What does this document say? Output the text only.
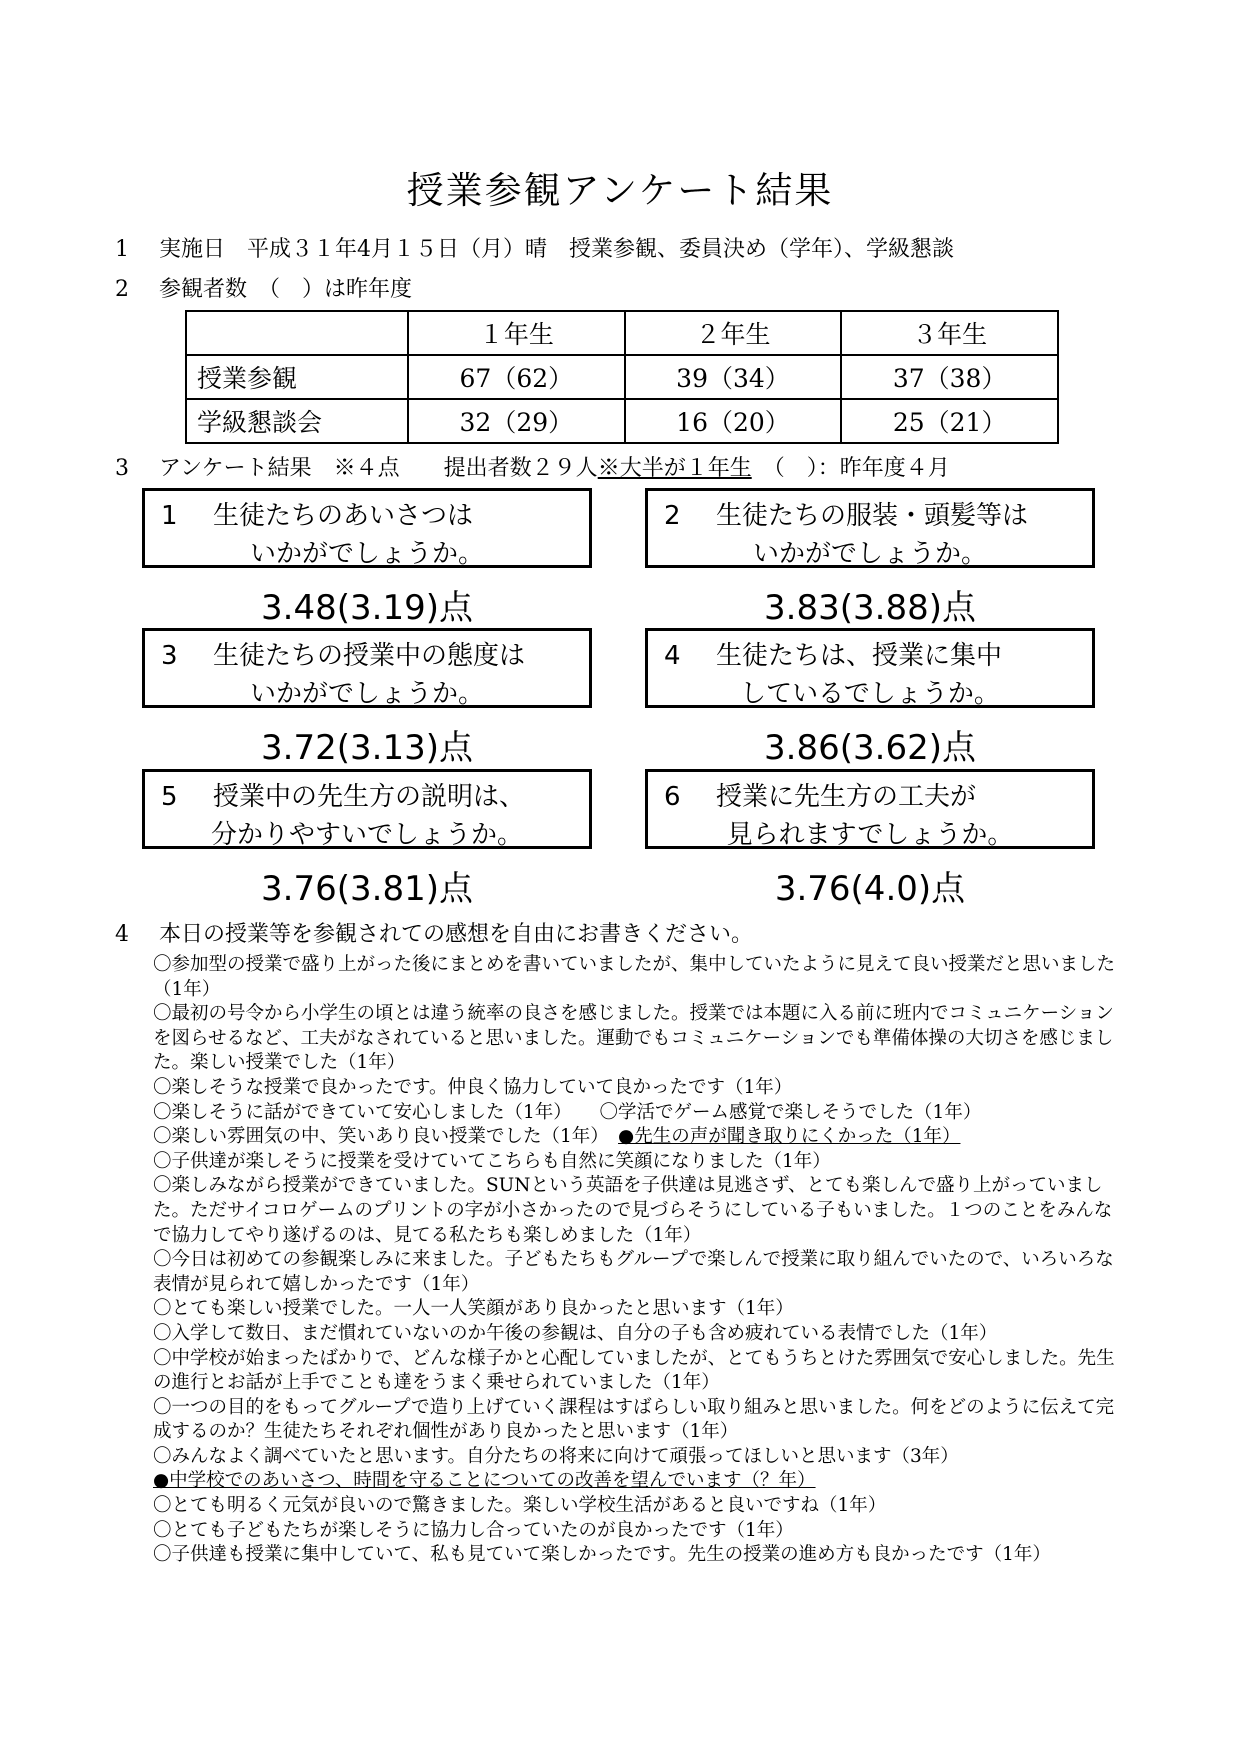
授業参観アンケート結果
1 実施日　平成３１年4月１５日（月）晴　授業参観、委員決め（学年）、学級懇談
2 参観者数　（　）は昨年度
	１年生	２年生	３年生
授業参観	67（62）	39（34）	37（38）
学級懇談会	32（29）	16（20）	25（21）
3 アンケート結果　※４点　　提出者数２９人※大半が１年生　（　）：昨年度４月
1 生徒たちのあいさつは
いかがでしょうか。
3.48(3.19)点
2 生徒たちの服装・頭髪等は
いかがでしょうか。
3.83(3.88)点
3 生徒たちの授業中の態度は
いかがでしょうか。
3.72(3.13)点
4 生徒たちは、授業に集中
しているでしょうか。
3.86(3.62)点
5 授業中の先生方の説明は、
分かりやすいでしょうか。
3.76(3.81)点
6 授業に先生方の工夫が
見られますでしょうか。
3.76(4.0)点
4 本日の授業等を参観されての感想を自由にお書きください。

〇参加型の授業で盛り上がった後にまとめを書いていましたが、集中していたように見えて良い授業だと思いました（1年）

〇最初の号令から小学生の頃とは違う統率の良さを感じました。授業では本題に入る前に班内でコミュニケーションを図らせるなど、工夫がなされていると思いました。運動でもコミュニケーションでも準備体操の大切さを感じました。楽しい授業でした（1年）

〇楽しそうな授業で良かったです。仲良く協力していて良かったです（1年）

〇楽しそうに話ができていて安心しました（1年）　　 〇学活でゲーム感覚で楽しそうでした（1年）

〇楽しい雰囲気の中、笑いあり良い授業でした（1年）　 ●先生の声が聞き取りにくかった（1年）

〇子供達が楽しそうに授業を受けていてこちらも自然に笑顔になりました（1年）

〇楽しみながら授業ができていました。SUNという英語を子供達は見逃さず、とても楽しんで盛り上がっていました。ただサイコロゲームのプリントの字が小さかったので見づらそうにしている子もいました。１つのことをみんなで協力してやり遂げるのは、見てる私たちも楽しめました（1年）

〇今日は初めての参観楽しみに来ました。子どもたちもグループで楽しんで授業に取り組んでいたので、いろいろな表情が見られて嬉しかったです（1年）

〇とても楽しい授業でした。一人一人笑顔があり良かったと思います（1年）

〇入学して数日、まだ慣れていないのか午後の参観は、自分の子も含め疲れている表情でした（1年）

〇中学校が始まったばかりで、どんな様子かと心配していましたが、とてもうちとけた雰囲気で安心しました。先生の進行とお話が上手でことも達をうまく乗せられていました（1年）

〇一つの目的をもってグループで造り上げていく課程はすばらしい取り組みと思いました。何をどのように伝えて完成するのか？生徒たちそれぞれ個性があり良かったと思います（1年）

〇みんなよく調べていたと思います。自分たちの将来に向けて頑張ってほしいと思います（3年）

●中学校でのあいさつ、時間を守ることについての改善を望んでいます（？年）

〇とても明るく元気が良いので驚きました。楽しい学校生活があると良いですね（1年）

〇とても子どもたちが楽しそうに協力し合っていたのが良かったです（1年）

〇子供達も授業に集中していて、私も見ていて楽しかったです。先生の授業の進め方も良かったです（1年）
